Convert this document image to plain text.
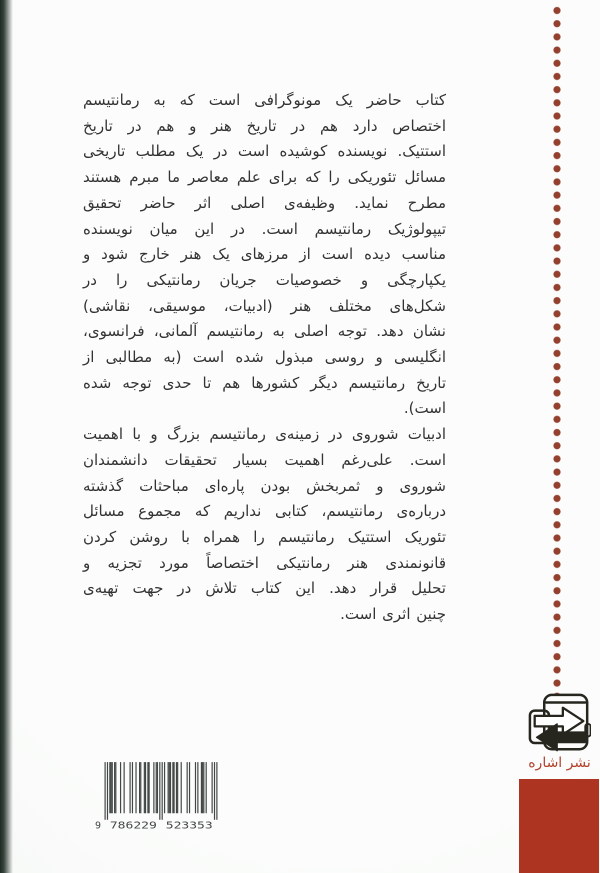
کتاب حاضر یک مونوگرافی است که به رمانتیسم
اختصاص دارد هم در تاریخ هنر و هم در تاریخ
استتیک. نویسنده کوشیده است در یک مطلب تاریخی
مسائل تئوریکی را که برای علم معاصر ما مبرم هستند
مطرح نماید. وظیفه‌ی اصلی اثر حاضر تحقیق
تیپولوژیک رمانتیسم است. در این میان نویسنده
مناسب دیده است از مرزهای یک هنر خارج شود و
یکپارچگی و خصوصیات جریان رمانتیکی را در
شکل‌های مختلف هنر (ادبیات، موسیقی، نقاشی)
نشان دهد. توجه اصلی به رمانتیسم آلمانی، فرانسوی،
انگلیسی و روسی مبذول شده است (به مطالبی از
تاریخ رمانتیسم دیگر کشورها هم تا حدی توجه شده
است).
ادبیات شوروی در زمینه‌ی رمانتیسم بزرگ و با اهمیت
است. علی‌رغم اهمیت بسیار تحقیقات دانشمندان
شوروی و ثمربخش بودن پاره‌ای مباحثات گذشته
درباره‌ی رمانتیسم، کتابی نداریم که مجموع مسائل
تئوریک استتیک رمانتیسم را همراه با روشن کردن
قانونمندی هنر رمانتیکی اختصاصاً مورد تجزیه و
تحلیل قرار دهد. این کتاب تلاش در جهت تهیه‌ی
چنین اثری است.
نشر اشاره
9 786229 523353
